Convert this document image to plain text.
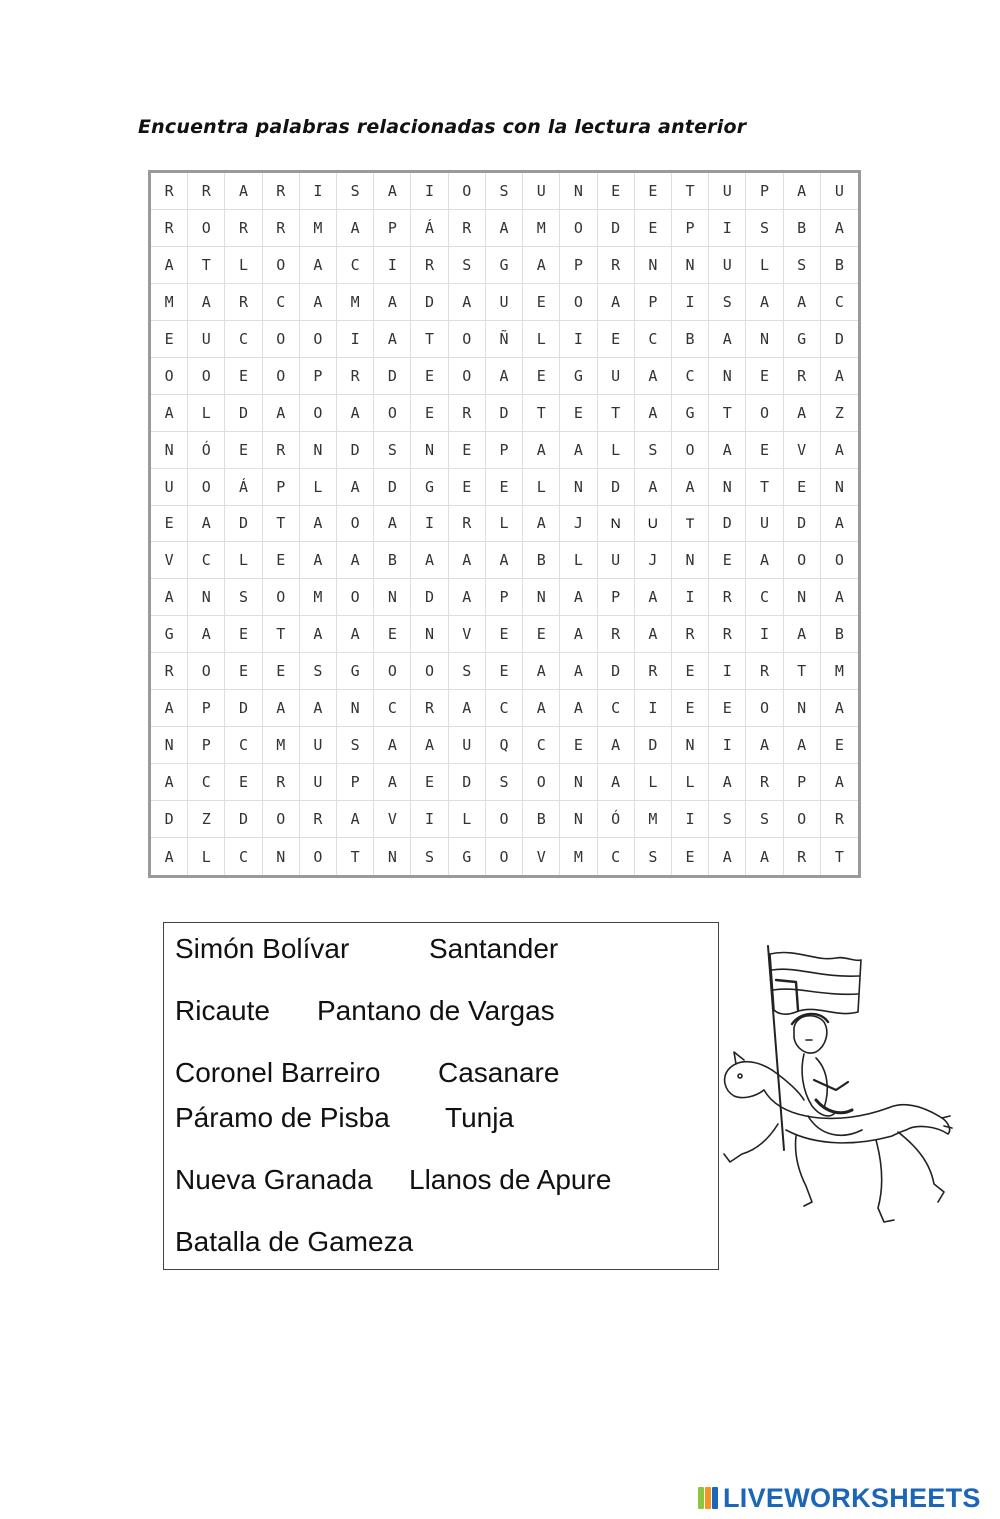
Encuentra palabras relacionadas con la lectura anterior
R	R	A	R	I	S	A	I	O	S	U	N	E	E	T	U	P	A	U
R	O	R	R	M	A	P	Á	R	A	M	O	D	E	P	I	S	B	A
A	T	L	O	A	C	I	R	S	G	A	P	R	N	N	U	L	S	B
M	A	R	C	A	M	A	D	A	U	E	O	A	P	I	S	A	A	C
E	U	C	O	O	I	A	T	O	Ñ	L	I	E	C	B	A	N	G	D
O	O	E	O	P	R	D	E	O	A	E	G	U	A	C	N	E	R	A
A	L	D	A	O	A	O	E	R	D	T	E	T	A	G	T	O	A	Z
N	Ó	E	R	N	D	S	N	E	P	A	A	L	S	O	A	E	V	A
U	O	Á	P	L	A	D	G	E	E	L	N	D	A	A	N	T	E	N
E	A	D	T	A	O	A	I	R	L	A	J	N	U	T	D	U	D	A
V	C	L	E	A	A	B	A	A	A	B	L	U	J	N	E	A	O	O
A	N	S	O	M	O	N	D	A	P	N	A	P	A	I	R	C	N	A
G	A	E	T	A	A	E	N	V	E	E	A	R	A	R	R	I	A	B
R	O	E	E	S	G	O	O	S	E	A	A	D	R	E	I	R	T	M
A	P	D	A	A	N	C	R	A	C	A	A	C	I	E	E	O	N	A
N	P	C	M	U	S	A	A	U	Q	C	E	A	D	N	I	A	A	E
A	C	E	R	U	P	A	E	D	S	O	N	A	L	L	A	R	P	A
D	Z	D	O	R	A	V	I	L	O	B	N	Ó	M	I	S	S	O	R
A	L	C	N	O	T	N	S	G	O	V	M	C	S	E	A	A	R	T
Simón Bolívar	Santander
Ricaute Pantano de Vargas
Coronel Barreiro Casanare
Páramo de Pisba Tunja
Nueva Granada Llanos de Apure
Batalla de Gameza
LIVEWORKSHEETS
